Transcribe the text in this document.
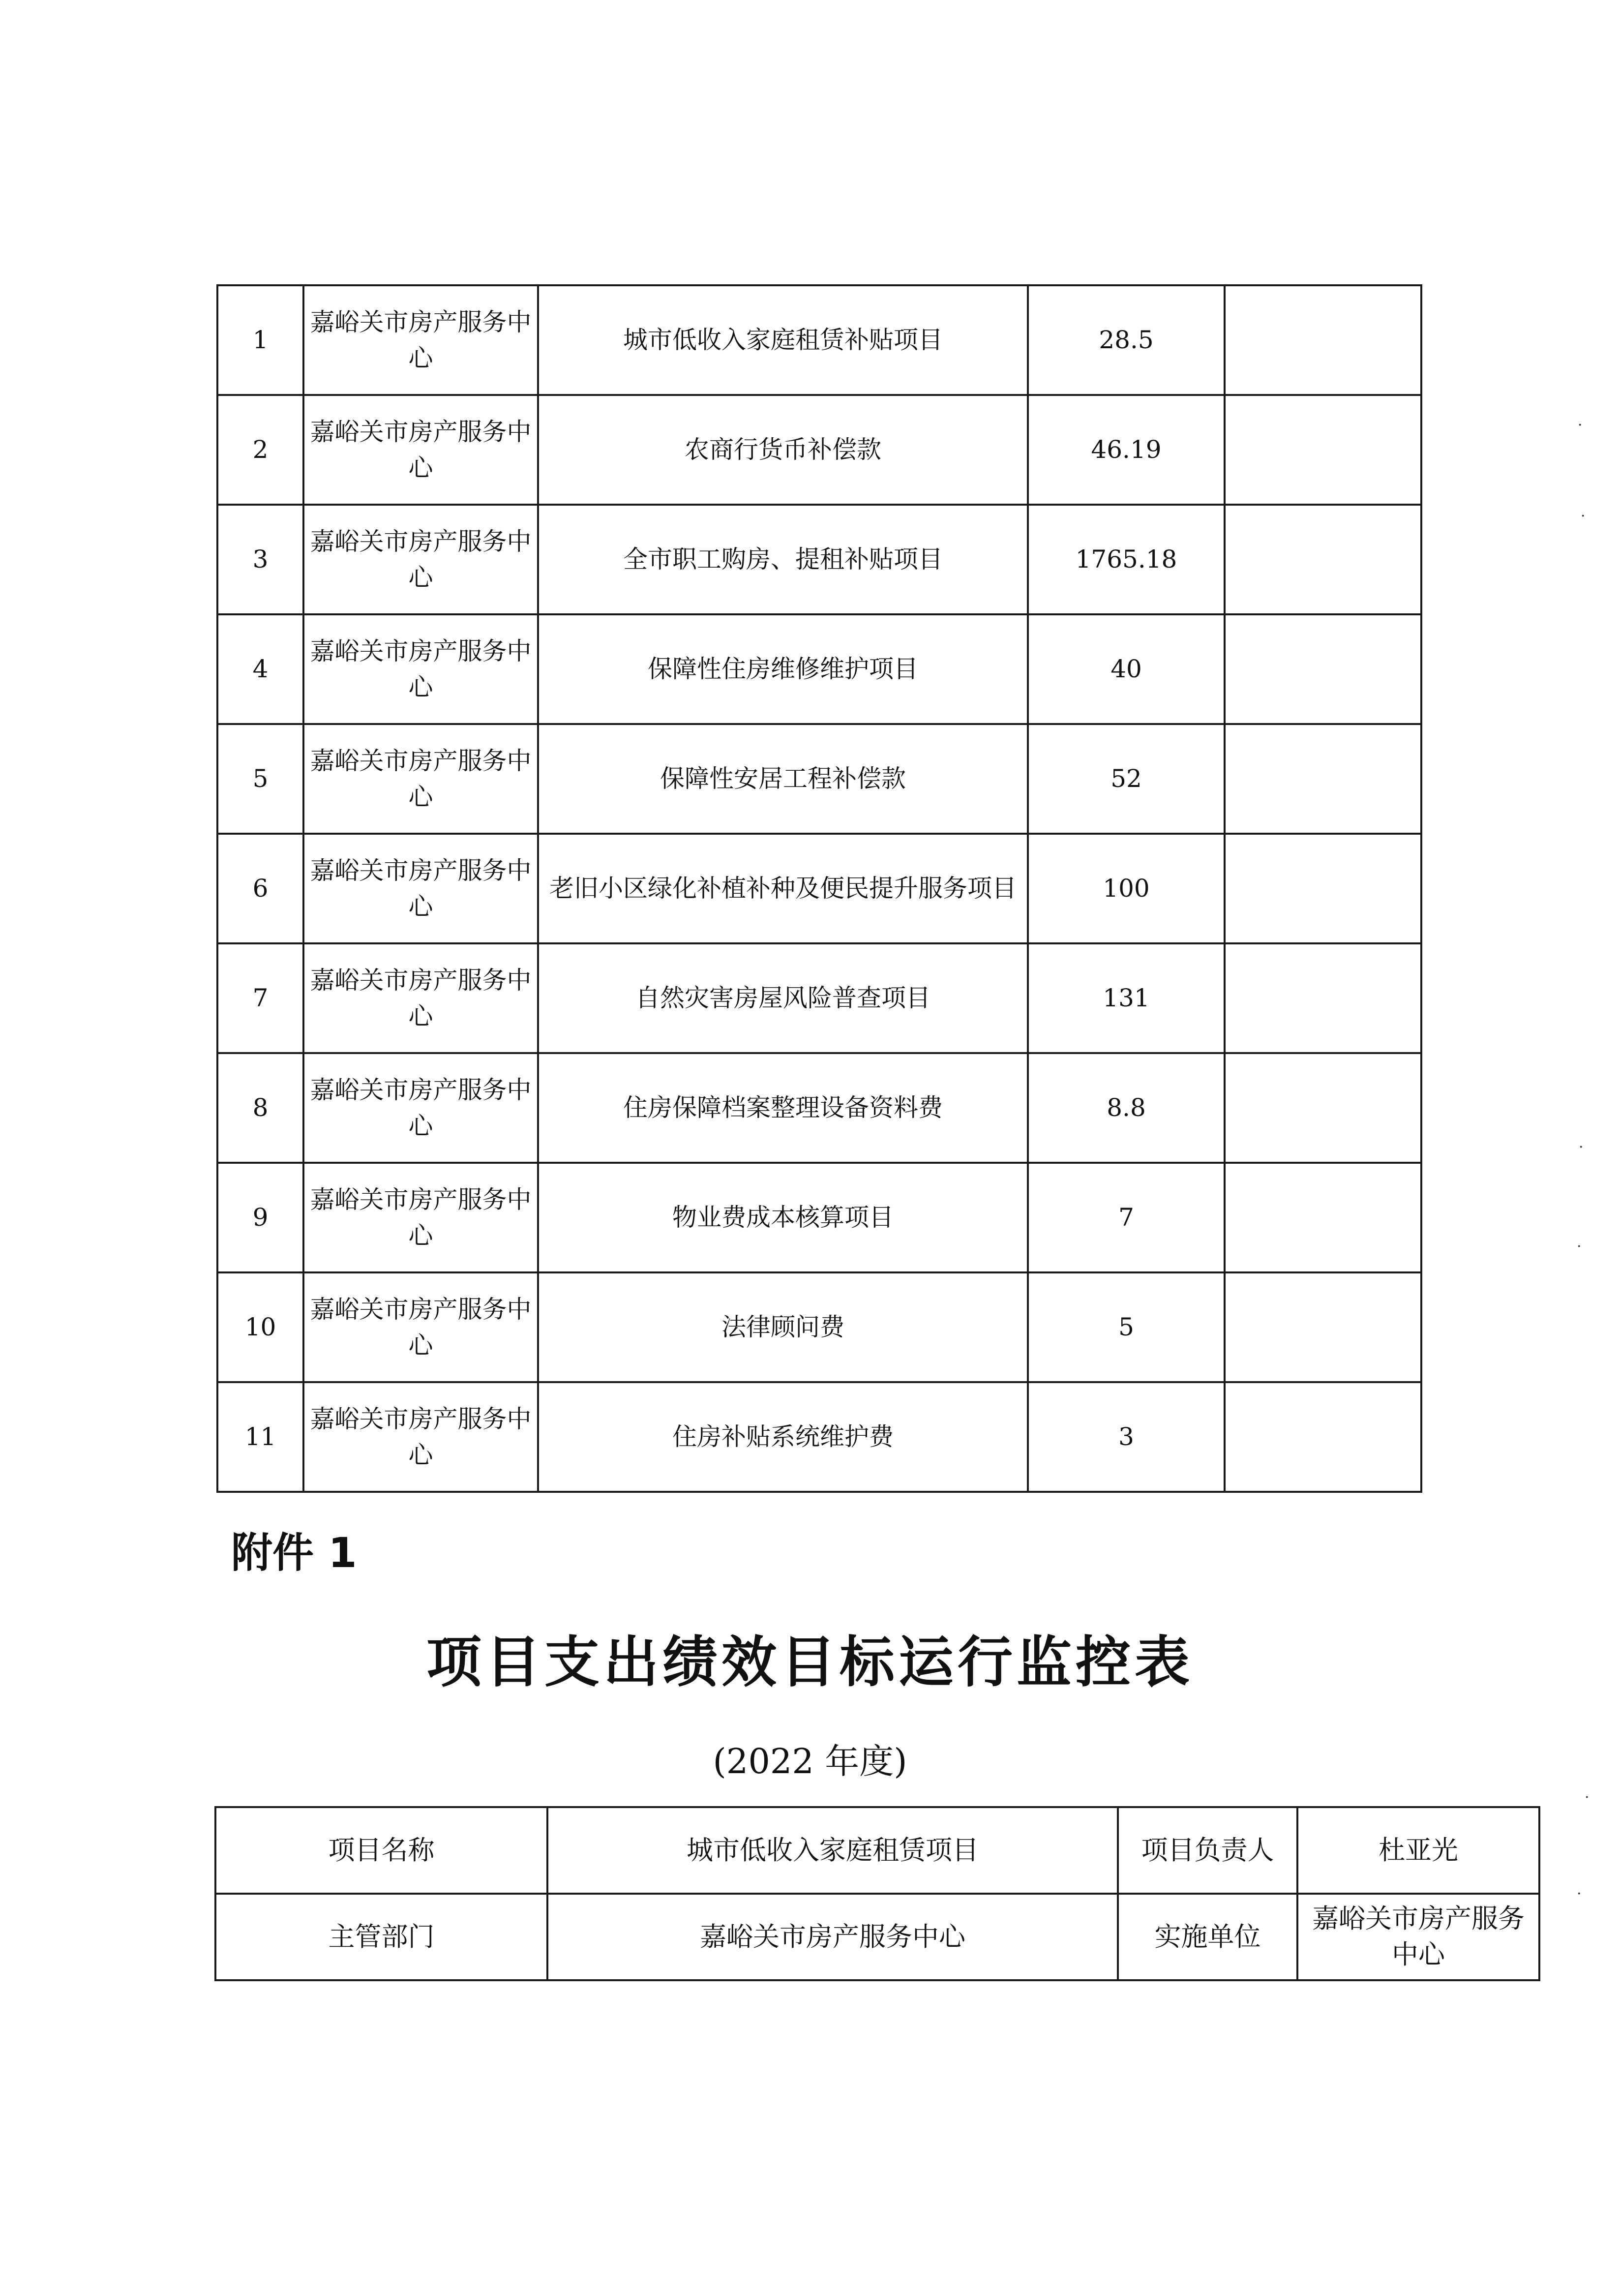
1	嘉峪关市房产服务中心	城市低收入家庭租赁补贴项目	28.5	
2	嘉峪关市房产服务中心	农商行货币补偿款	46.19	
3	嘉峪关市房产服务中心	全市职工购房、提租补贴项目	1765.18	
4	嘉峪关市房产服务中心	保障性住房维修维护项目	40	
5	嘉峪关市房产服务中心	保障性安居工程补偿款	52	
6	嘉峪关市房产服务中心	老旧小区绿化补植补种及便民提升服务项目	100	
7	嘉峪关市房产服务中心	自然灾害房屋风险普查项目	131	
8	嘉峪关市房产服务中心	住房保障档案整理设备资料费	8.8	
9	嘉峪关市房产服务中心	物业费成本核算项目	7	
10	嘉峪关市房产服务中心	法律顾问费	5	
11	嘉峪关市房产服务中心	住房补贴系统维护费	3	

附件 1

项目支出绩效目标运行监控表

(2022 年度)

项目名称	城市低收入家庭租赁项目	项目负责人	杜亚光
主管部门	嘉峪关市房产服务中心	实施单位	嘉峪关市房产服务中心
·
·
·
·
·
·
